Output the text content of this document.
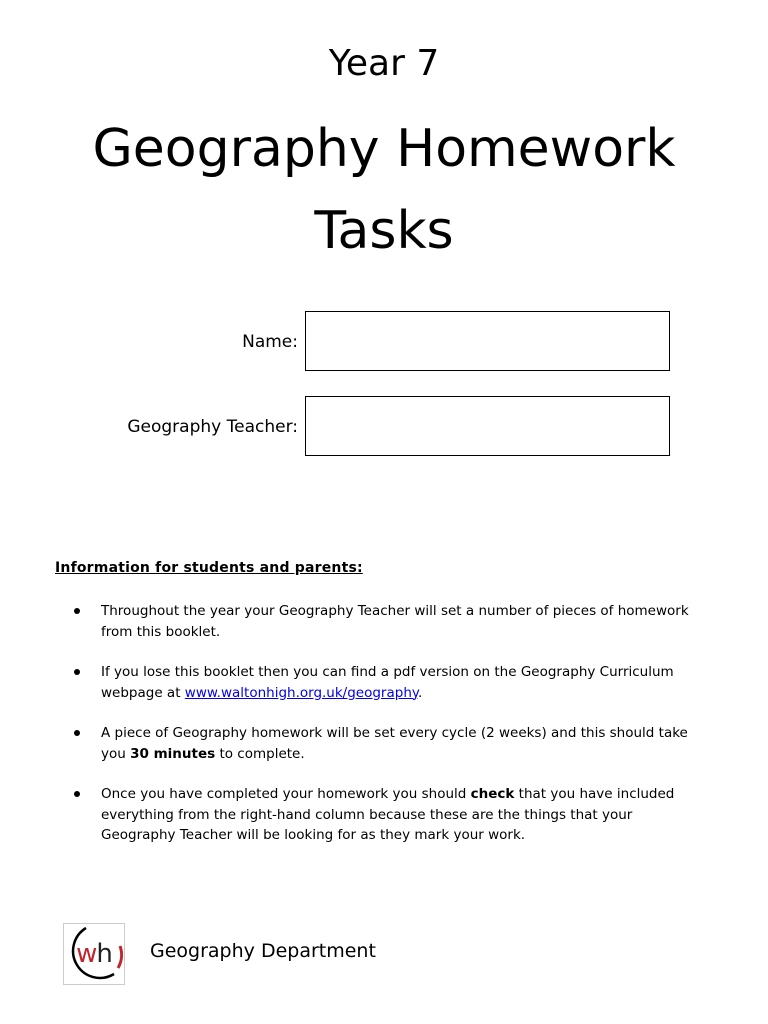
Year 7
Geography Homework
Tasks
Name:
Geography Teacher:
Information for students and parents:
Throughout the year your Geography Teacher will set a number of pieces of homework from this booklet.
If you lose this booklet then you can find a pdf version on the Geography Curriculum webpage at www.waltonhigh.org.uk/geography.
A piece of Geography homework will be set every cycle (2 weeks) and this should take you 30 minutes to complete.
Once you have completed your homework you should check that you have included everything from the right-hand column because these are the things that your Geography Teacher will be looking for as they mark your work.
wh	Geography Department
